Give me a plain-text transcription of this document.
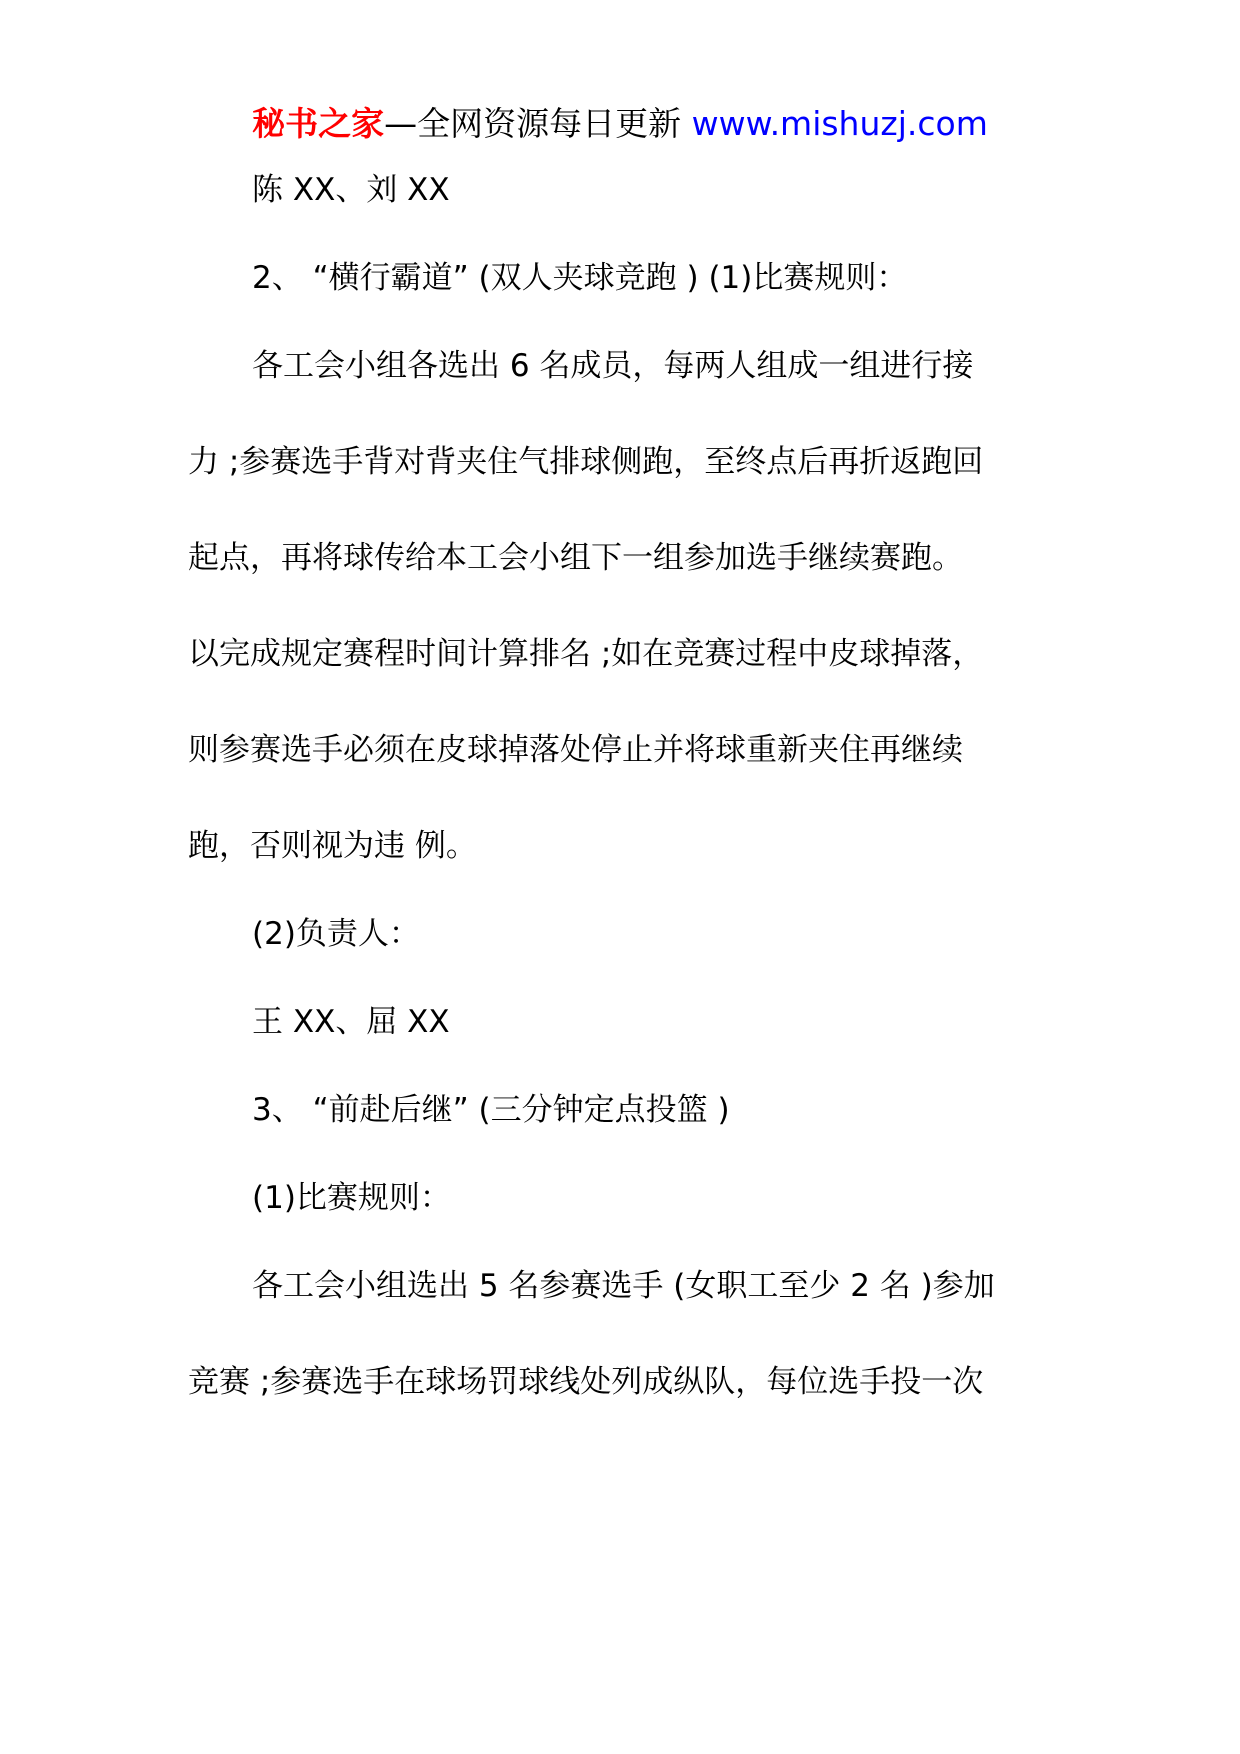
秘书之家—全网资源每日更新 www.mishuzj.com
陈 XX、刘 XX
2、 “横行霸道” (双人夹球竞跑 ) (1)比赛规则：
各工会小组各选出 6 名成员，每两人组成一组进行接
力 ;参赛选手背对背夹住气排球侧跑，至终点后再折返跑回
起点，再将球传给本工会小组下一组参加选手继续赛跑。
以完成规定赛程时间计算排名 ;如在竞赛过程中皮球掉落，
则参赛选手必须在皮球掉落处停止并将球重新夹住再继续
跑，否则视为违 例。
(2)负责人：
王 XX、屈 XX
3、 “前赴后继” (三分钟定点投篮 )
(1)比赛规则：
各工会小组选出 5 名参赛选手 (女职工至少 2 名 )参加
竞赛 ;参赛选手在球场罚球线处列成纵队，每位选手投一次
